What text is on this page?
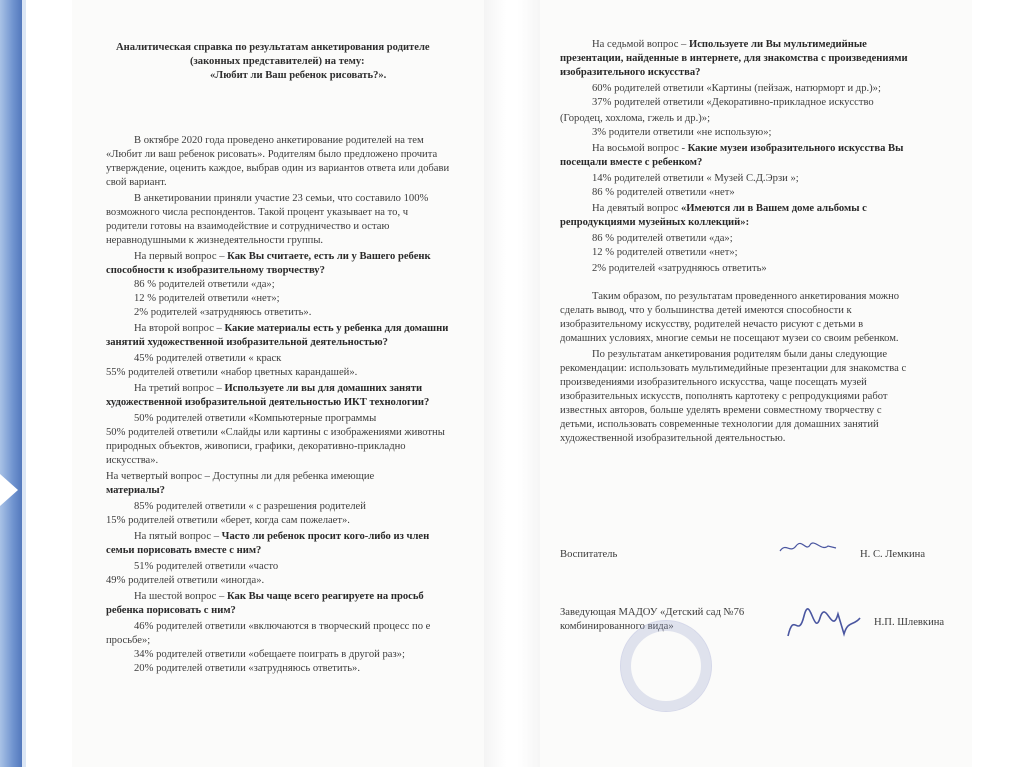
Аналитическая справка по результатам анкетирования родителе
(законных представителей) на тему:
«Любит ли Ваш ребенок рисовать?».
В октябре 2020 года проведено анкетирование родителей на тем
«Любит ли ваш ребенок рисовать». Родителям было предложено прочита
утверждение, оценить каждое, выбрав один из вариантов ответа или добави
свой вариант.
В анкетировании приняли участие 23 семьи, что составило 100%
возможного числа респондентов. Такой процент указывает на то, ч
родители готовы на взаимодействие и сотрудничество и остаю
неравнодушными к жизнедеятельности группы.
На первый вопрос – Как Вы считаете, есть ли у Вашего ребенк
способности к изобразительному творчеству?
86 % родителей ответили «да»;
12 % родителей ответили «нет»;
2% родителей «затрудняюсь ответить».
На второй вопрос – Какие материалы есть у ребенка для домашни
занятий художественной изобразительной деятельностью?
45% родителей ответили « краск
55% родителей ответили «набор цветных карандашей».
На третий вопрос – Используете ли вы для домашних заняти
художественной изобразительной деятельностью ИКТ технологии?
50% родителей ответили «Компьютерные программы
50% родителей ответили «Слайды или картины с изображениями животны
природных объектов, живописи, графики, декоративно-прикладно
искусства».
На четвертый вопрос – Доступны ли для ребенка имеющие
материалы?
85% родителей ответили « с разрешения родителей
15% родителей ответили «берет, когда сам пожелает».
На пятый вопрос – Часто ли ребенок просит кого-либо из член
семьи порисовать вместе с ним?
51% родителей ответили «часто
49% родителей ответили «иногда».
На шестой вопрос – Как Вы чаще всего реагируете на просьб
ребенка порисовать с ним?
46% родителей ответили «включаются в творческий процесс по е
просьбе»;
34% родителей ответили «обещаете поиграть в другой раз»;
20% родителей ответили «затрудняюсь ответить».
На седьмой вопрос – Используете ли Вы мультимедийные
презентации, найденные в интернете, для знакомства с произведениями
изобразительного искусства?
60% родителей ответили «Картины (пейзаж, натюрморт и др.)»;
37% родителей ответили «Декоративно-прикладное искусство
(Городец, хохлома, гжель и др.)»;
3% родители ответили «не использую»;
На восьмой вопрос - Какие музеи изобразительного искусства Вы
посещали вместе с ребенком?
14% родителей ответили « Музей С.Д.Эрзи »;
86 % родителей ответили «нет»
На девятый вопрос «Имеются ли в Вашем доме альбомы с
репродукциями музейных коллекций»:
86 % родителей ответили «да»;
12 % родителей ответили «нет»;
2% родителей «затрудняюсь ответить»
Таким образом, по результатам проведенного анкетирования можно
сделать вывод, что у большинства детей имеются способности к
изобразительному искусству, родителей нечасто рисуют с детьми в
домашних условиях, многие семьи не посещают музеи со своим ребенком.
По результатам анкетирования родителям были даны следующие
рекомендации: использовать мультимедийные презентации для знакомства с
произведениями изобразительного искусства, чаще посещать музей
изобразительных искусств, пополнять картотеку с репродукциями работ
известных авторов, больше уделять времени совместному творчеству с
детьми, использовать современные технологии для домашних занятий
художественной изобразительной деятельностью.
Воспитатель	Н. С. Лемкина
Заведующая МАДОУ «Детский сад №76
комбинированного вида»	Н.П. Шлевкина
